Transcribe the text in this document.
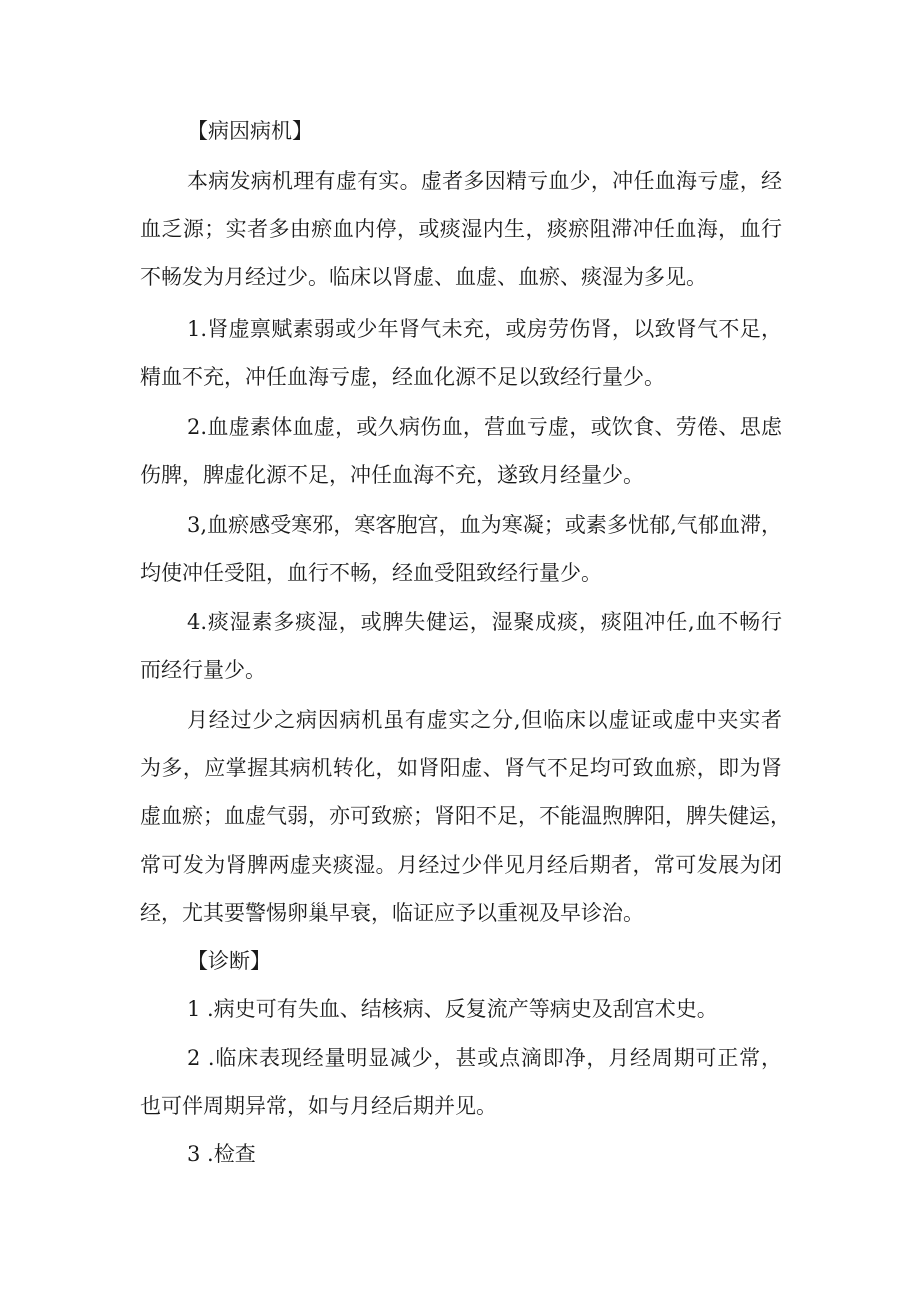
【病因病机】

本病发病机理有虚有实。虚者多因精亏血少，冲任血海亏虚，经

血乏源；实者多由瘀血内停，或痰湿内生，痰瘀阻滞冲任血海，血行

不畅发为月经过少。临床以肾虚、血虚、血瘀、痰湿为多见。

1.肾虚禀赋素弱或少年肾气未充，或房劳伤肾，以致肾气不足，

精血不充，冲任血海亏虚，经血化源不足以致经行量少。

2.血虚素体血虚，或久病伤血，营血亏虚，或饮食、劳倦、思虑

伤脾，脾虚化源不足，冲任血海不充，遂致月经量少。

3,血瘀感受寒邪，寒客胞宫，血为寒凝；或素多忧郁,气郁血滞，

均使冲任受阻，血行不畅，经血受阻致经行量少。

4.痰湿素多痰湿，或脾失健运，湿聚成痰，痰阻冲任,血不畅行

而经行量少。

月经过少之病因病机虽有虚实之分,但临床以虚证或虚中夹实者

为多，应掌握其病机转化，如肾阳虚、肾气不足均可致血瘀，即为肾

虚血瘀；血虚气弱，亦可致瘀；肾阳不足，不能温煦脾阳，脾失健运，

常可发为肾脾两虚夹痰湿。月经过少伴见月经后期者，常可发展为闭

经，尤其要警惕卵巢早衰，临证应予以重视及早诊治。

【诊断】

1 .病史可有失血、结核病、反复流产等病史及刮宫术史。

2 .临床表现经量明显减少，甚或点滴即净，月经周期可正常，

也可伴周期异常，如与月经后期并见。

3 .检查
